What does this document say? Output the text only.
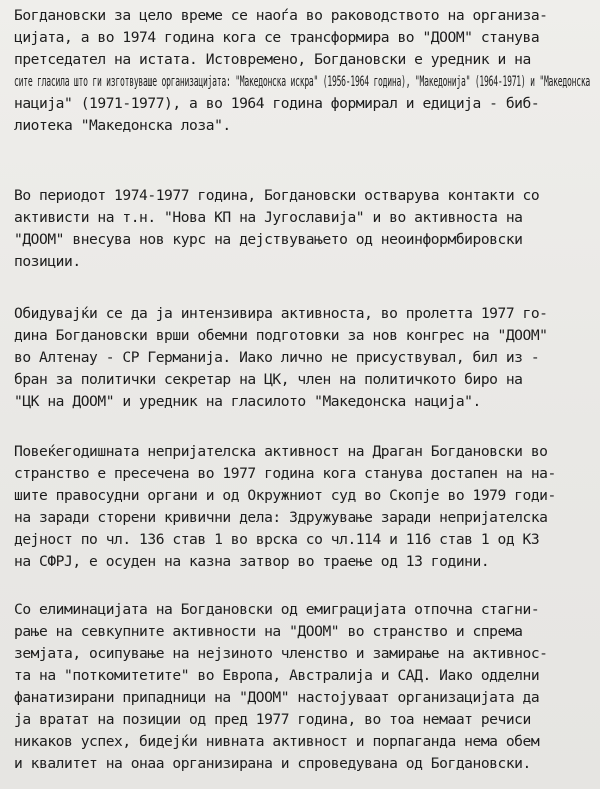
Богдановски за цело време се наоѓа во раководството на организа-
цијата, а во 1974 година кога се трансформира во "ДООМ" станува
претседател на истата. Истовремено, Богдановски е уредник и на
сите гласила што ги изготвуваше организацијата: "Македонска искра" (1956-1964 година), "Македонија" (1964-1971) и "Македонска
нација" (1971-1977), а во 1964 година формирал и едиција - биб-
лиотека "Македонска лоза".

Во периодот 1974-1977 година, Богдановски остварува контакти со
активисти на т.н. "Нова КП на Југославија" и во активноста на
"ДООМ" внесува нов курс на дејствувањето од неоинформбировски
позиции.

Обидувајќи се да ја интензивира активноста, во пролетта 1977 го-
дина Богдановски врши обемни подготовки за нов конгрес на "ДООМ"
во Алтенау - СР Германија. Иако лично не присуствувал, бил из -
бран за политички секретар на ЦК, член на политичкото биро на
"ЦК на ДООМ" и уредник на гласилото "Македонска нација".

Повеќегодишната непријателска активност на Драган Богдановски во
странство е пресечена во 1977 година кога станува достапен на на-
шите правосудни органи и од Окружниот суд во Скопје во 1979 годи-
на заради сторени кривични дела: Здружување заради непријателска
дејност по чл. 136 став 1 во врска со чл.114 и 116 став 1 од КЗ
на СФРЈ, е осуден на казна затвор во траење од 13 години.

Со елиминацијата на Богдановски од емиграцијата отпочна стагни-
рање на севкупните активности на "ДООМ" во странство и спрема
земјата, осипување на нејзиното членство и замирање на активнос-
та на "поткомитетите" во Европа, Австралија и САД. Иако одделни
фанатизирани припадници на "ДООМ" настојуваат организацијата да
ја вратат на позиции од пред 1977 година, во тоа немаат речиси
никаков успех, бидејќи нивната активност и порпаганда нема обем
и квалитет на онаа организирана и спроведувана од Богдановски.
